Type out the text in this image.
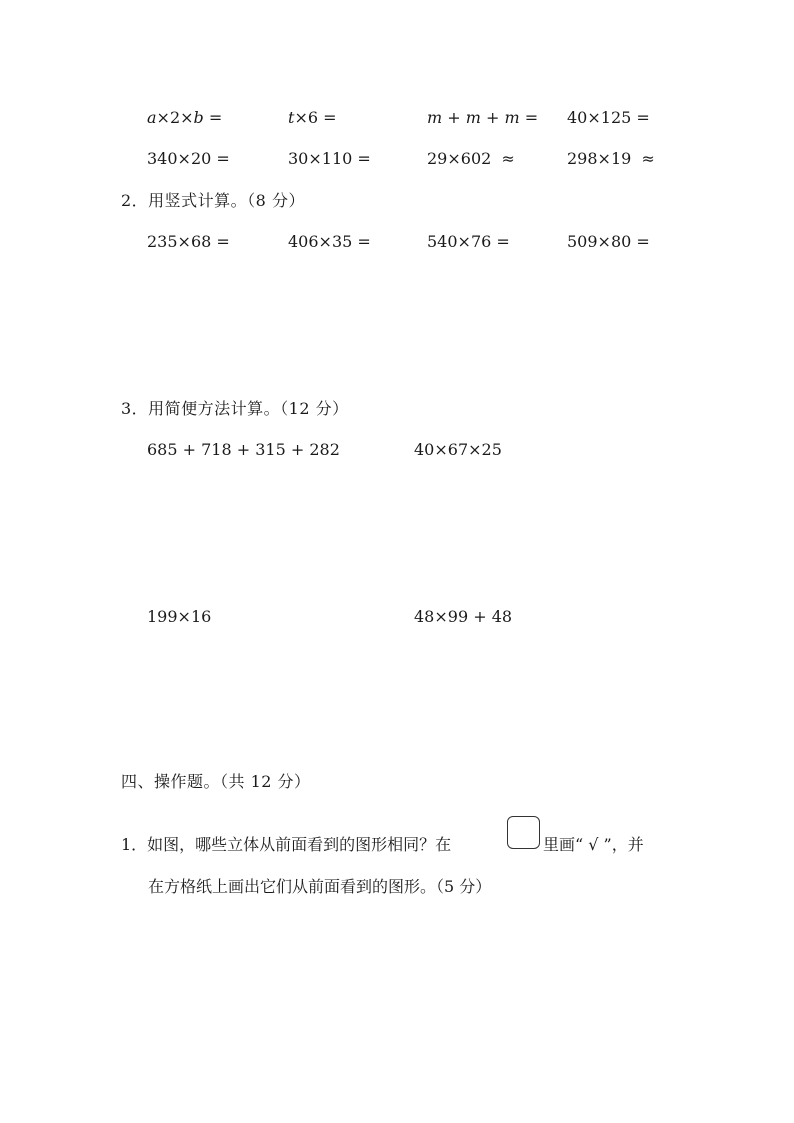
a×2×b =	t×6 =	m + m + m = 40×125 =
340×20 =	30×110 =	29×602 ≈	298×19 ≈
2．用竖式计算。（8 分）
235×68 =	406×35 =	540×76 =	509×80 =
3．用简便方法计算。（12 分）
685 + 718 + 315 + 282	40×67×25
199×16	48×99 + 48
四、操作题。（共 12 分）
1．如图，哪些立体从前面看到的图形相同？在	里画“ √ ”，并
在方格纸上画出它们从前面看到的图形。（5 分）
